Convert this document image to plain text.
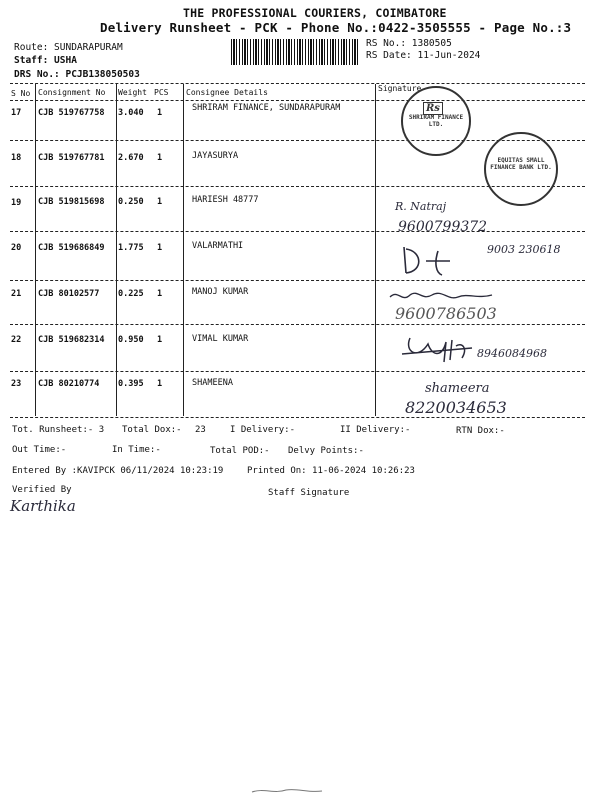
THE PROFESSIONAL COURIERS, COIMBATORE
Delivery Runsheet - PCK - Phone No.:0422-3505555 - Page No.:3
Route: SUNDARAPURAM
Staff: USHA
DRS No.: PCJB138050503
RS No.: 1380505
RS Date: 11-Jun-2024
S No Consignment No Weight PCS Consignee Details	Signature
17 CJB 519767758 3.040 1	SHRIRAM FINANCE, SUNDARAPURAM
18 CJB 519767781 2.670 1	JAYASURYA
19 CJB 519815698 0.250 1	HARIESH 48777
20 CJB 519686849 1.775 1	VALARMATHI
21 CJB 80102577 0.225 1	MANOJ KUMAR
22 CJB 519682314 0.950 1	VIMAL KUMAR
23 CJB 80210774 0.395 1	SHAMEENA
SHRIRAM FINANCE LTD.
Rs
EQUITAS SMALL FINANCE BANK LTD.
R. Natraj
9600799372
9003 230618
9600786503
8946084968
shameera
8220034653
Tot. Runsheet:- 3 Total Dox:- 23	I Delivery:-	II Delivery:-	RTN Dox:-
Out Time:-	In Time:-	Total POD:- Delvy Points:-
Entered By :KAVIPCK 06/11/2024 10:23:19	Printed On: 11-06-2024 10:26:23
Verified By
Karthika
Staff Signature
